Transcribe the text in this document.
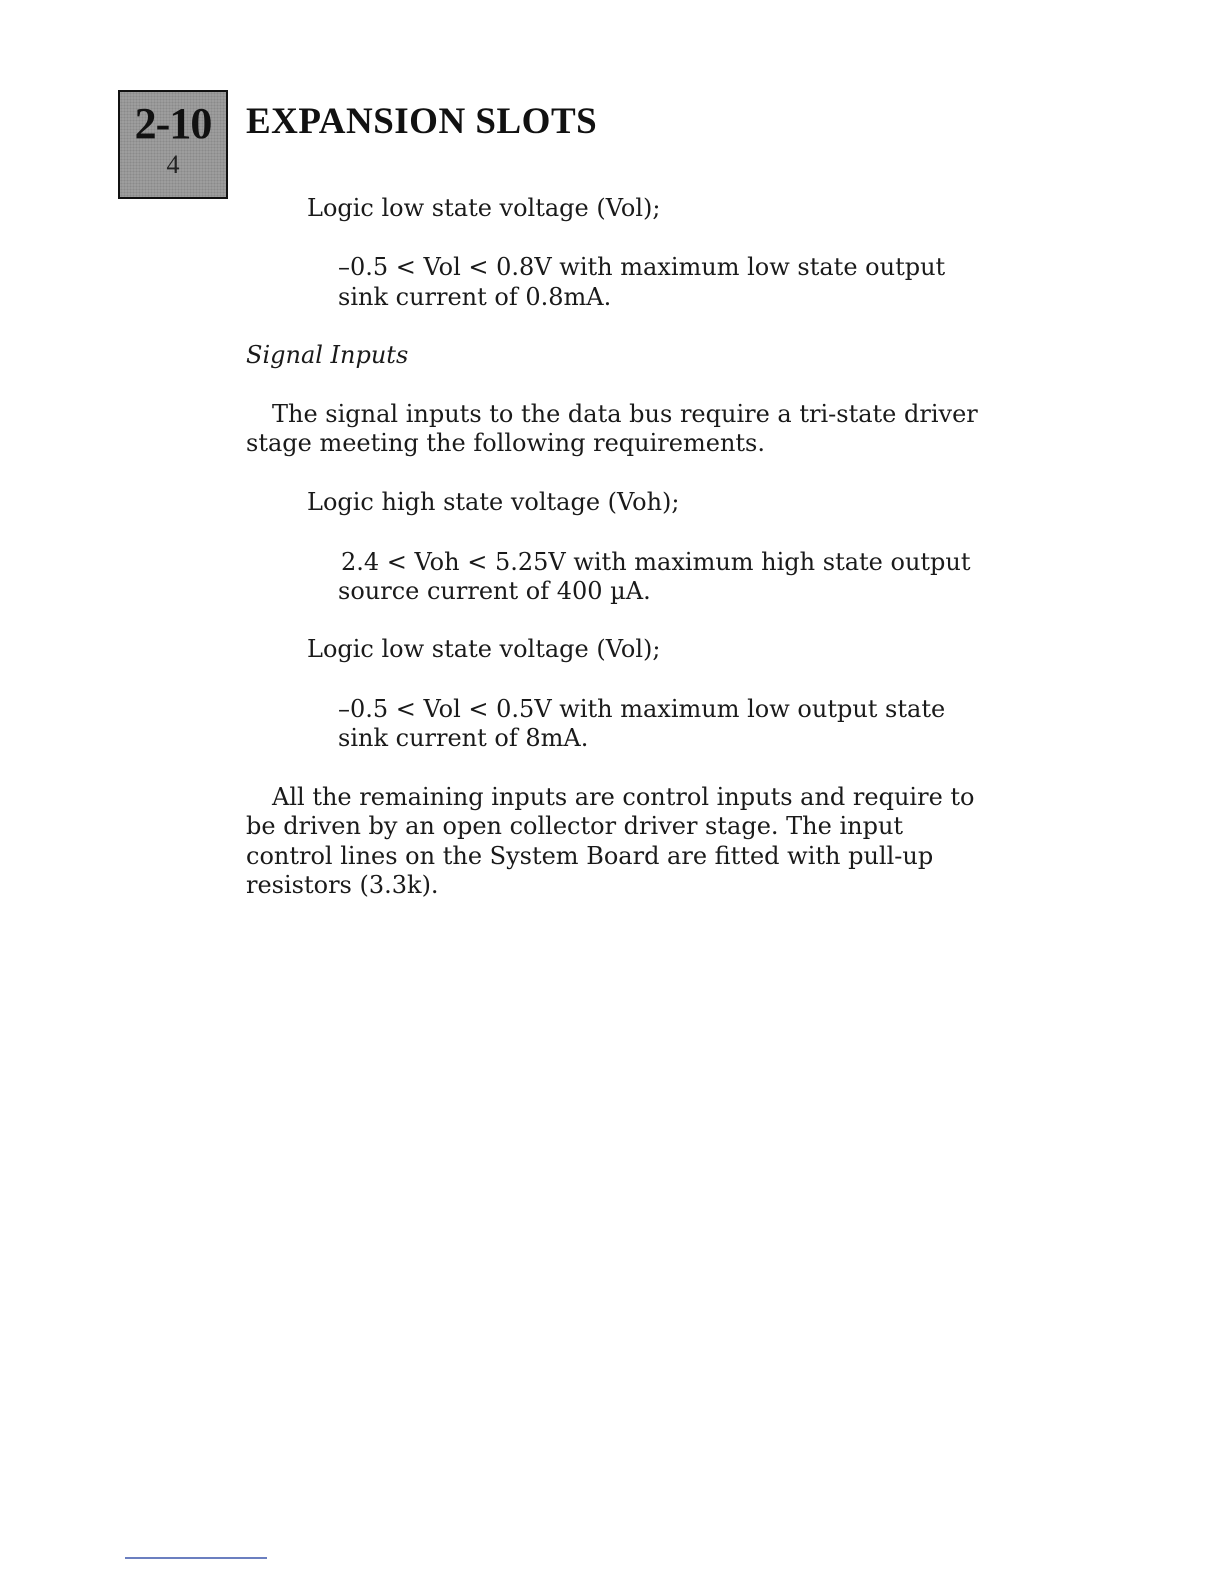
2-10
4
EXPANSION SLOTS

Logic low state voltage (Vol);

–0.5 < Vol < 0.8V with maximum low state output

sink current of 0.8mA.

Signal Inputs

The signal inputs to the data bus require a tri-state driver

stage meeting the following requirements.

Logic high state voltage (Voh);

2.4 < Voh < 5.25V with maximum high state output

source current of 400 µA.

Logic low state voltage (Vol);

–0.5 < Vol < 0.5V with maximum low output state

sink current of 8mA.

All the remaining inputs are control inputs and require to

be driven by an open collector driver stage. The input

control lines on the System Board are fitted with pull-up

resistors (3.3k).
